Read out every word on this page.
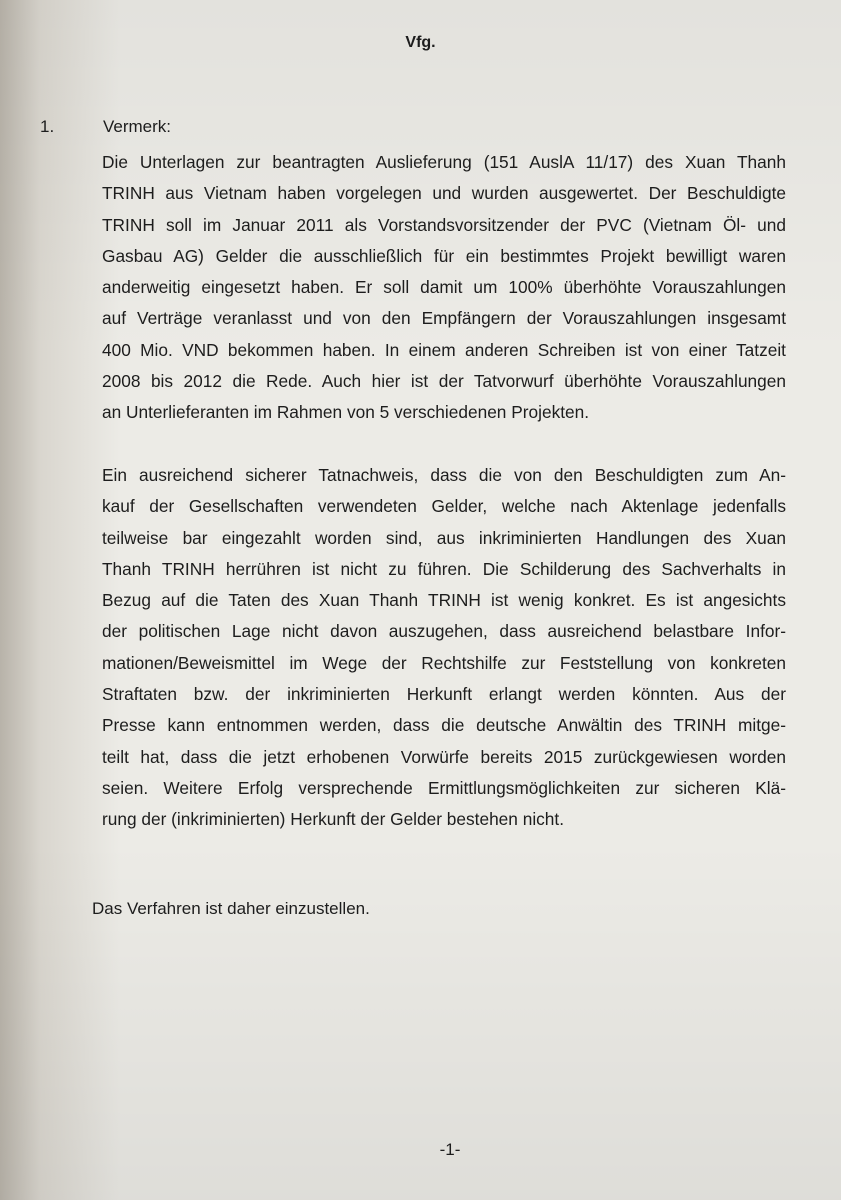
Vfg.
1.	Vermerk:
Die Unterlagen zur beantragten Auslieferung (151 AuslA 11/17) des Xuan Thanh
TRINH aus Vietnam haben vorgelegen und wurden ausgewertet. Der Beschuldigte
TRINH soll im Januar 2011 als Vorstandsvorsitzender der PVC (Vietnam Öl- und
Gasbau AG) Gelder die ausschließlich für ein bestimmtes Projekt bewilligt waren
anderweitig eingesetzt haben. Er soll damit um 100% überhöhte Vorauszahlungen
auf Verträge veranlasst und von den Empfängern der Vorauszahlungen insgesamt
400 Mio. VND bekommen haben. In einem anderen Schreiben ist von einer Tatzeit
2008 bis 2012 die Rede. Auch hier ist der Tatvorwurf überhöhte Vorauszahlungen
an Unterlieferanten im Rahmen von 5 verschiedenen Projekten.
Ein ausreichend sicherer Tatnachweis, dass die von den Beschuldigten zum An-
kauf der Gesellschaften verwendeten Gelder, welche nach Aktenlage jedenfalls
teilweise bar eingezahlt worden sind, aus inkriminierten Handlungen des Xuan
Thanh TRINH herrühren ist nicht zu führen. Die Schilderung des Sachverhalts in
Bezug auf die Taten des Xuan Thanh TRINH ist wenig konkret. Es ist angesichts
der politischen Lage nicht davon auszugehen, dass ausreichend belastbare Infor-
mationen/Beweismittel im Wege der Rechtshilfe zur Feststellung von konkreten
Straftaten bzw. der inkriminierten Herkunft erlangt werden könnten. Aus der
Presse kann entnommen werden, dass die deutsche Anwältin des TRINH mitge-
teilt hat, dass die jetzt erhobenen Vorwürfe bereits 2015 zurückgewiesen worden
seien. Weitere Erfolg versprechende Ermittlungsmöglichkeiten zur sicheren Klä-
rung der (inkriminierten) Herkunft der Gelder bestehen nicht.
Das Verfahren ist daher einzustellen.
-1-
